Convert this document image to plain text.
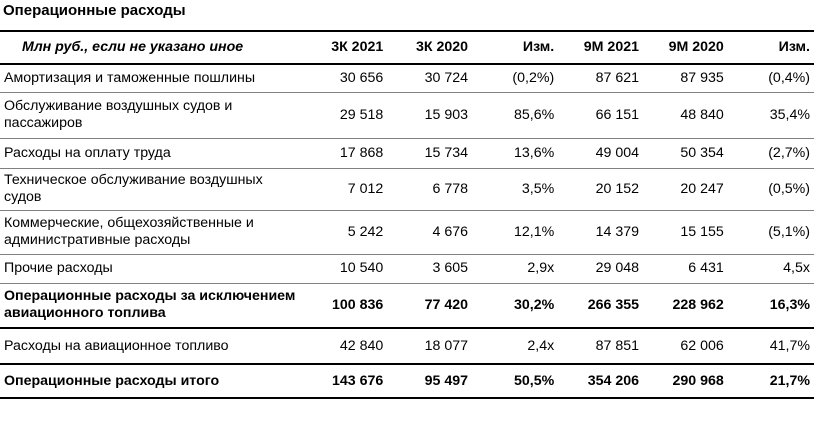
Операционные расходы
Млн руб., если не указано иное	3К 2021	3К 2020	Изм.	9М 2021	9М 2020	Изм.
Амортизация и таможенные пошлины	30 656	30 724	(0,2%)	87 621	87 935	(0,4%)
Обслуживание воздушных судов и пассажиров	29 518	15 903	85,6%	66 151	48 840	35,4%
Расходы на оплату труда	17 868	15 734	13,6%	49 004	50 354	(2,7%)
Техническое обслуживание воздушных судов	7 012	6 778	3,5%	20 152	20 247	(0,5%)
Коммерческие, общехозяйственные и административные расходы	5 242	4 676	12,1%	14 379	15 155	(5,1%)
Прочие расходы	10 540	3 605	2,9x	29 048	6 431	4,5x
Операционные расходы за исключением авиационного топлива	100 836	77 420	30,2%	266 355	228 962	16,3%
Расходы на авиационное топливо	42 840	18 077	2,4x	87 851	62 006	41,7%
Операционные расходы итого	143 676	95 497	50,5%	354 206	290 968	21,7%
